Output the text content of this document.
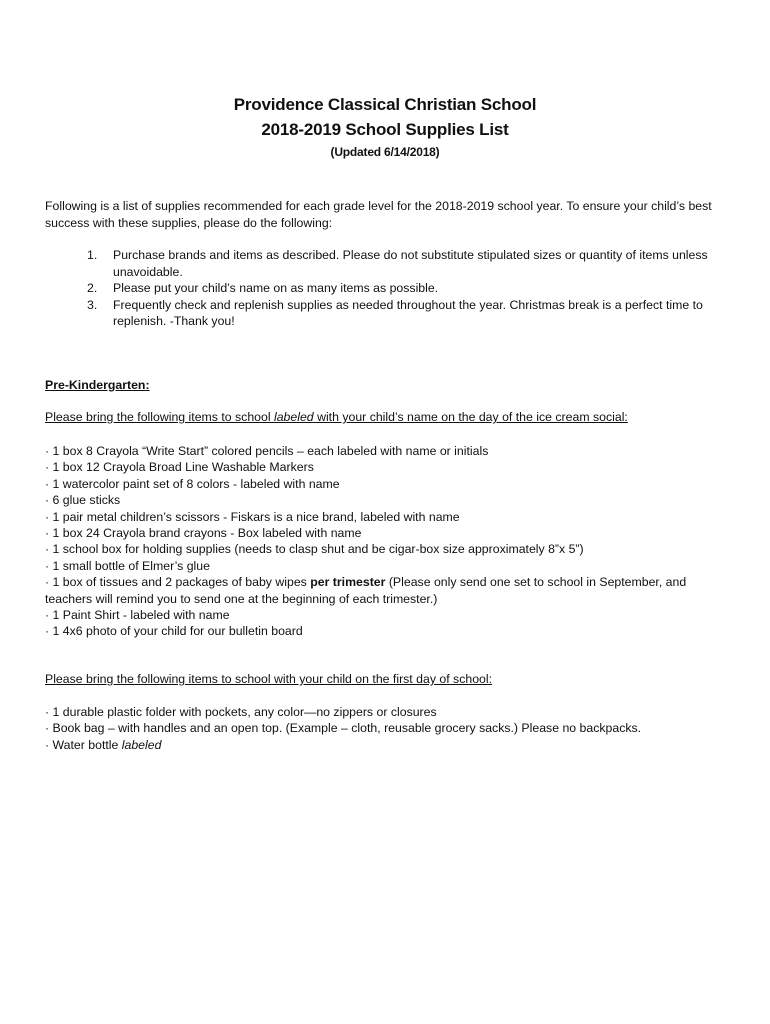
Providence Classical Christian School
2018-2019 School Supplies List
(Updated 6/14/2018)
Following is a list of supplies recommended for each grade level for the 2018-2019 school year. To ensure your child’s best success with these supplies, please do the following:
1. Purchase brands and items as described. Please do not substitute stipulated sizes or quantity of items unless unavoidable.
2. Please put your child’s name on as many items as possible.
3. Frequently check and replenish supplies as needed throughout the year. Christmas break is a perfect time to replenish. -Thank you!
Pre-Kindergarten:
Please bring the following items to school labeled with your child’s name on the day of the ice cream social:
· 1 box 8 Crayola “Write Start” colored pencils – each labeled with name or initials
· 1 box 12 Crayola Broad Line Washable Markers
· 1 watercolor paint set of 8 colors - labeled with name
· 6 glue sticks
· 1 pair metal children’s scissors - Fiskars is a nice brand, labeled with name
· 1 box 24 Crayola brand crayons - Box labeled with name
· 1 school box for holding supplies (needs to clasp shut and be cigar-box size approximately 8”x 5”)
· 1 small bottle of Elmer’s glue
· 1 box of tissues and 2 packages of baby wipes per trimester (Please only send one set to school in September, and teachers will remind you to send one at the beginning of each trimester.)
· 1 Paint Shirt - labeled with name
· 1 4x6 photo of your child for our bulletin board
Please bring the following items to school with your child on the first day of school:
· 1 durable plastic folder with pockets, any color—no zippers or closures
· Book bag – with handles and an open top. (Example – cloth, reusable grocery sacks.) Please no backpacks.
· Water bottle labeled
